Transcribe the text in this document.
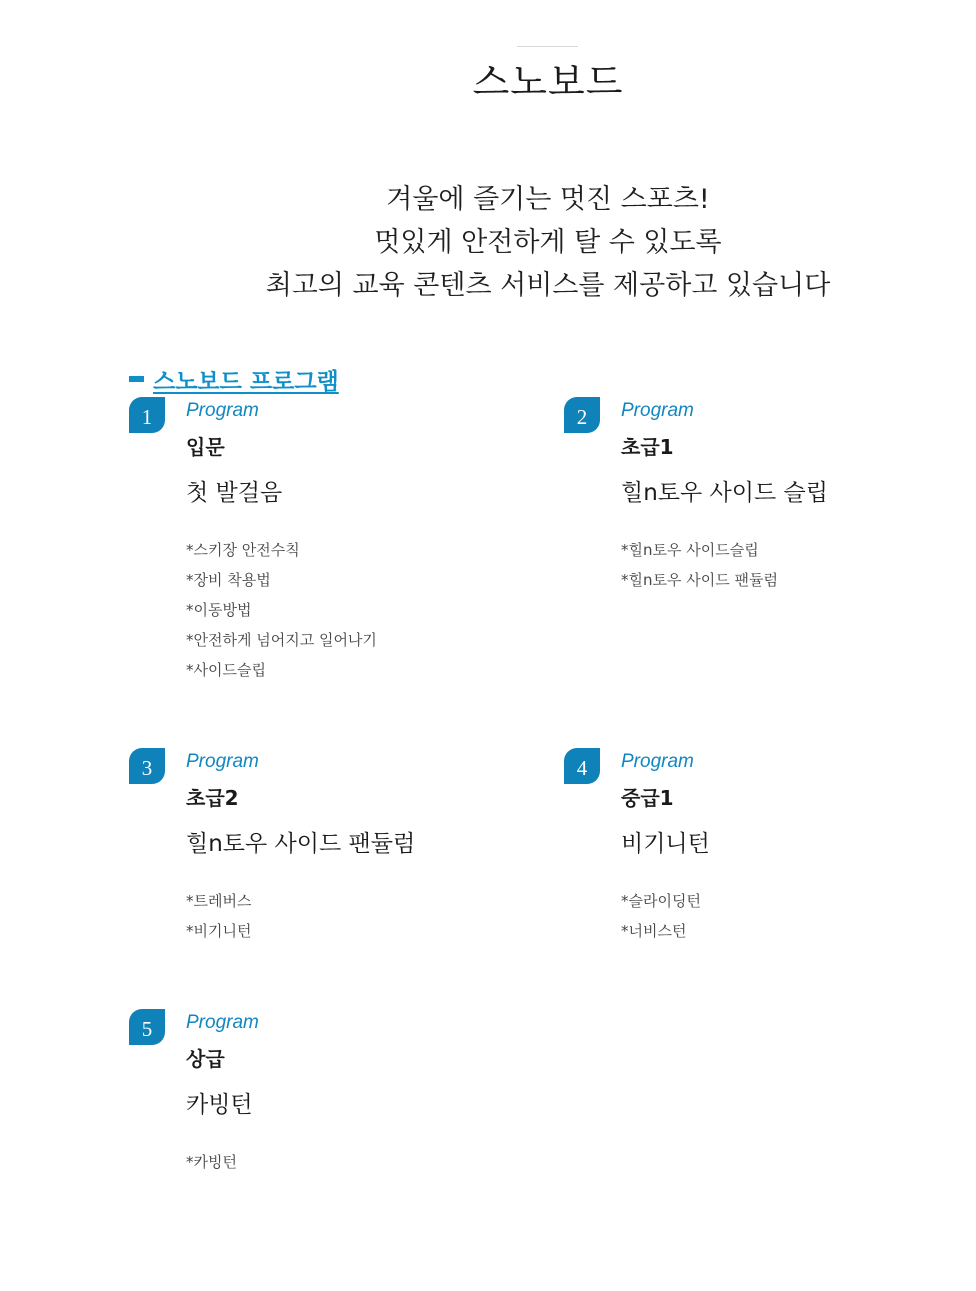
스노보드
겨울에 즐기는 멋진 스포츠!
멋있게 안전하게 탈 수 있도록
최고의 교육 콘텐츠 서비스를 제공하고 있습니다
스노보드 프로그램
1	Program
입문
첫 발걸음
*스키장 안전수칙
*장비 착용법
*이동방법
*안전하게 넘어지고 일어나기
*사이드슬립
2	Program
초급1
힐n토우 사이드 슬립
*힐n토우 사이드슬립
*힐n토우 사이드 팬듈럼
3	Program
초급2
힐n토우 사이드 팬듈럼
*트레버스
*비기니턴
4	Program
중급1
비기니턴
*슬라이딩턴
*너비스턴
5	Program
상급
카빙턴
*카빙턴
